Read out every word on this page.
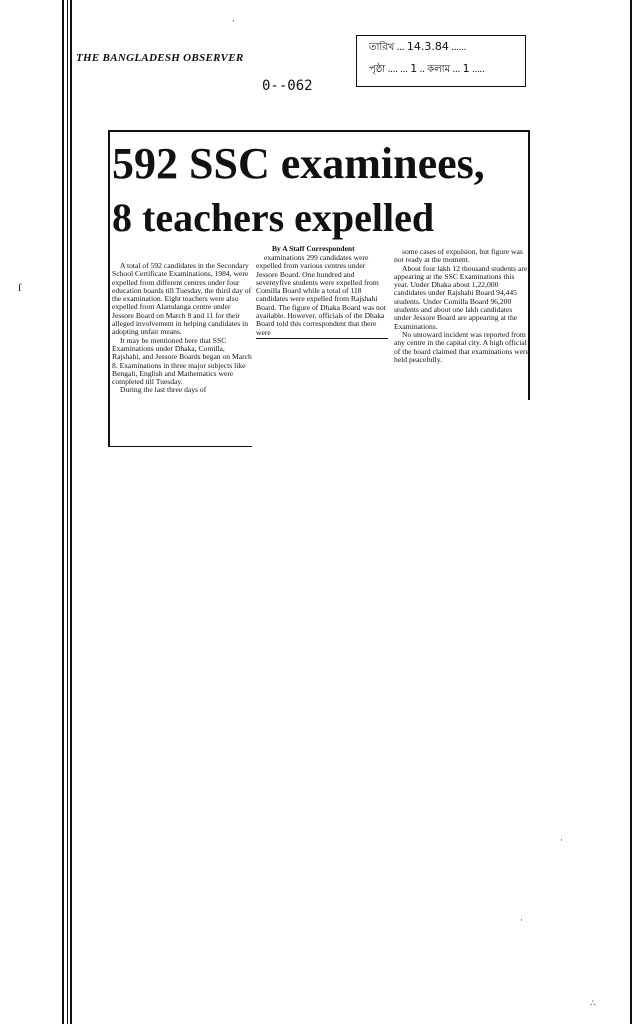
THE BANGLADESH OBSERVER
তারিখ ... 14.3.84 ......
পৃষ্ঠা .... ... 1 .. কলাম ... 1 .....
0--062
592 SSC examinees,
8 teachers expelled
By A Staff Correspondent

A total of 592 candidates in the Secondary School Certificate Examinations, 1984, were expelled from different centres under four education boards till Tuesday, the third day of the examination. Eight teachers were also expelled from Alamdanga centre under Jessore Board on March 8 and 11 for their alleged involvement in helping candidates in adopting unfair means.

It may be mentioned here that SSC Examinations under Dhaka, Comilla, Rajshahi, and Jessore Boards began on March 8. Examinations in three major subjects like Bengali, English and Mathematics were completed till Tuesday.

During the last three days of

examinations 299 candidates were expelled from various centres under Jessore Board. One hundred and seventyfive students were expelled from Comilla Board while a total of 118 candidates were expelled from Rajshahi Board. The figure of Dhaka Board was not available. However, officials of the Dhaka Board told this correspondent that there were

some cases of expulsion, but figure was not ready at the moment.

About four lakh 12 thousand students are appearing at the SSC Examinations this year. Under Dhaka about 1,22,000 candidates under Rajshahi Board 94,445 students. Under Comilla Board 96,200 students and about one lakh candidates under Jessore Board are appearing at the Examinations.

No untoward incident was reported from any centre in the capital city. A high official of the board claimed that examinations were held peacefully.

ſ
·
·
·
∴
